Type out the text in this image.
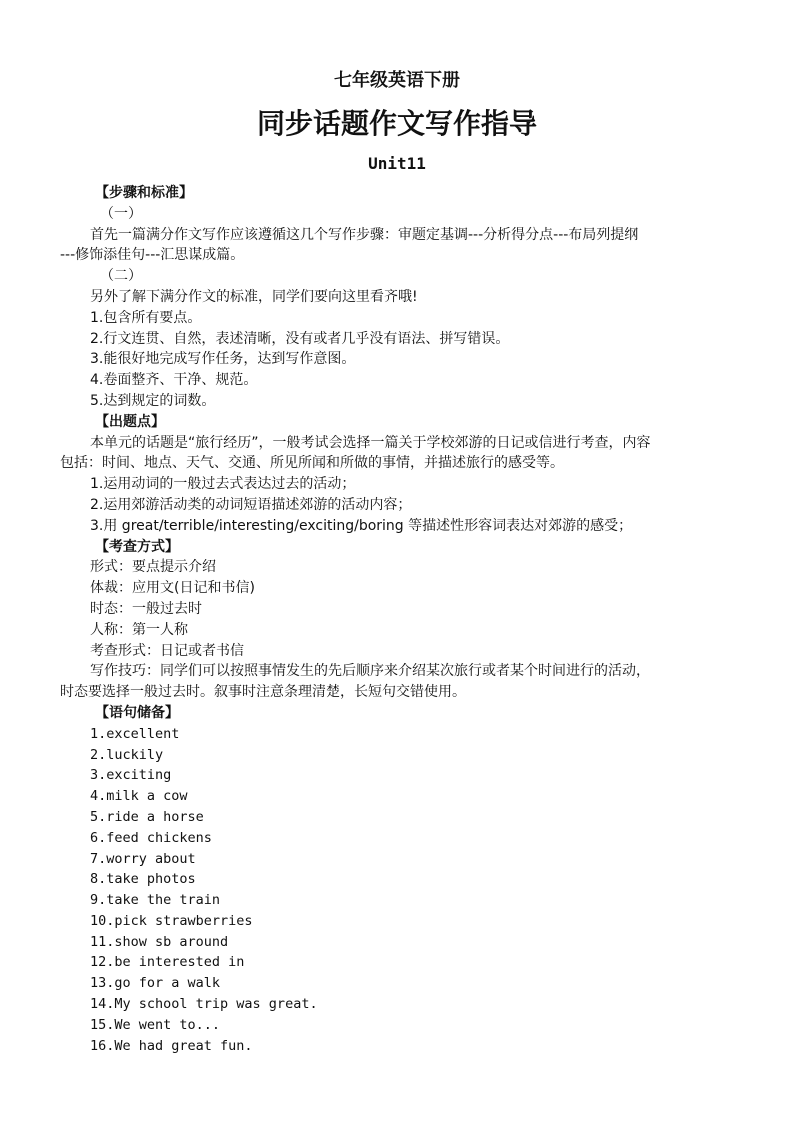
七年级英语下册
同步话题作文写作指导
Unit11
【步骤和标准】
（一）
首先一篇满分作文写作应该遵循这几个写作步骤：审题定基调---分析得分点---布局列提纲
---修饰添佳句---汇思谋成篇。
（二）
另外了解下满分作文的标准，同学们要向这里看齐哦!
1.包含所有要点。
2.行文连贯、自然，表述清晰，没有或者几乎没有语法、拼写错误。
3.能很好地完成写作任务，达到写作意图。
4.卷面整齐、干净、规范。
5.达到规定的词数。
【出题点】
本单元的话题是“旅行经历”，一般考试会选择一篇关于学校郊游的日记或信进行考查，内容
包括：时间、地点、天气、交通、所见所闻和所做的事情，并描述旅行的感受等。
1.运用动词的一般过去式表达过去的活动；
2.运用郊游活动类的动词短语描述郊游的活动内容；
3.用 great/terrible/interesting/exciting/boring 等描述性形容词表达对郊游的感受；
【考查方式】
形式：要点提示介绍
体裁：应用文(日记和书信)
时态：一般过去时
人称：第一人称
考查形式：日记或者书信
写作技巧：同学们可以按照事情发生的先后顺序来介绍某次旅行或者某个时间进行的活动，
时态要选择一般过去时。叙事时注意条理清楚，长短句交错使用。
【语句储备】
1.excellent
2.luckily
3.exciting
4.milk a cow
5.ride a horse
6.feed chickens
7.worry about
8.take photos
9.take the train
10.pick strawberries
11.show sb around
12.be interested in
13.go for a walk
14.My school trip was great.
15.We went to...
16.We had great fun.
